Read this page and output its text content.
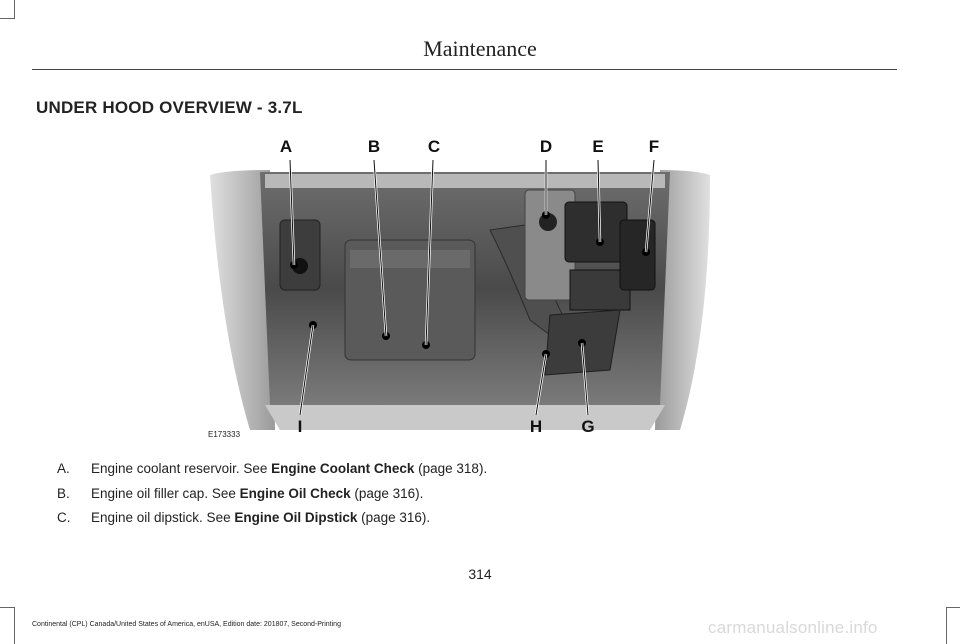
Maintenance
UNDER HOOD OVERVIEW - 3.7L
A	B	C	D E	F
I	H G
E173333
A. Engine coolant reservoir. See Engine Coolant Check (page 318).
B. Engine oil filler cap. See Engine Oil Check (page 316).
C. Engine oil dipstick. See Engine Oil Dipstick (page 316).
314
Continental (CPL) Canada/United States of America, enUSA, Edition date: 201807, Second-Printing	carmanualsonline.info
